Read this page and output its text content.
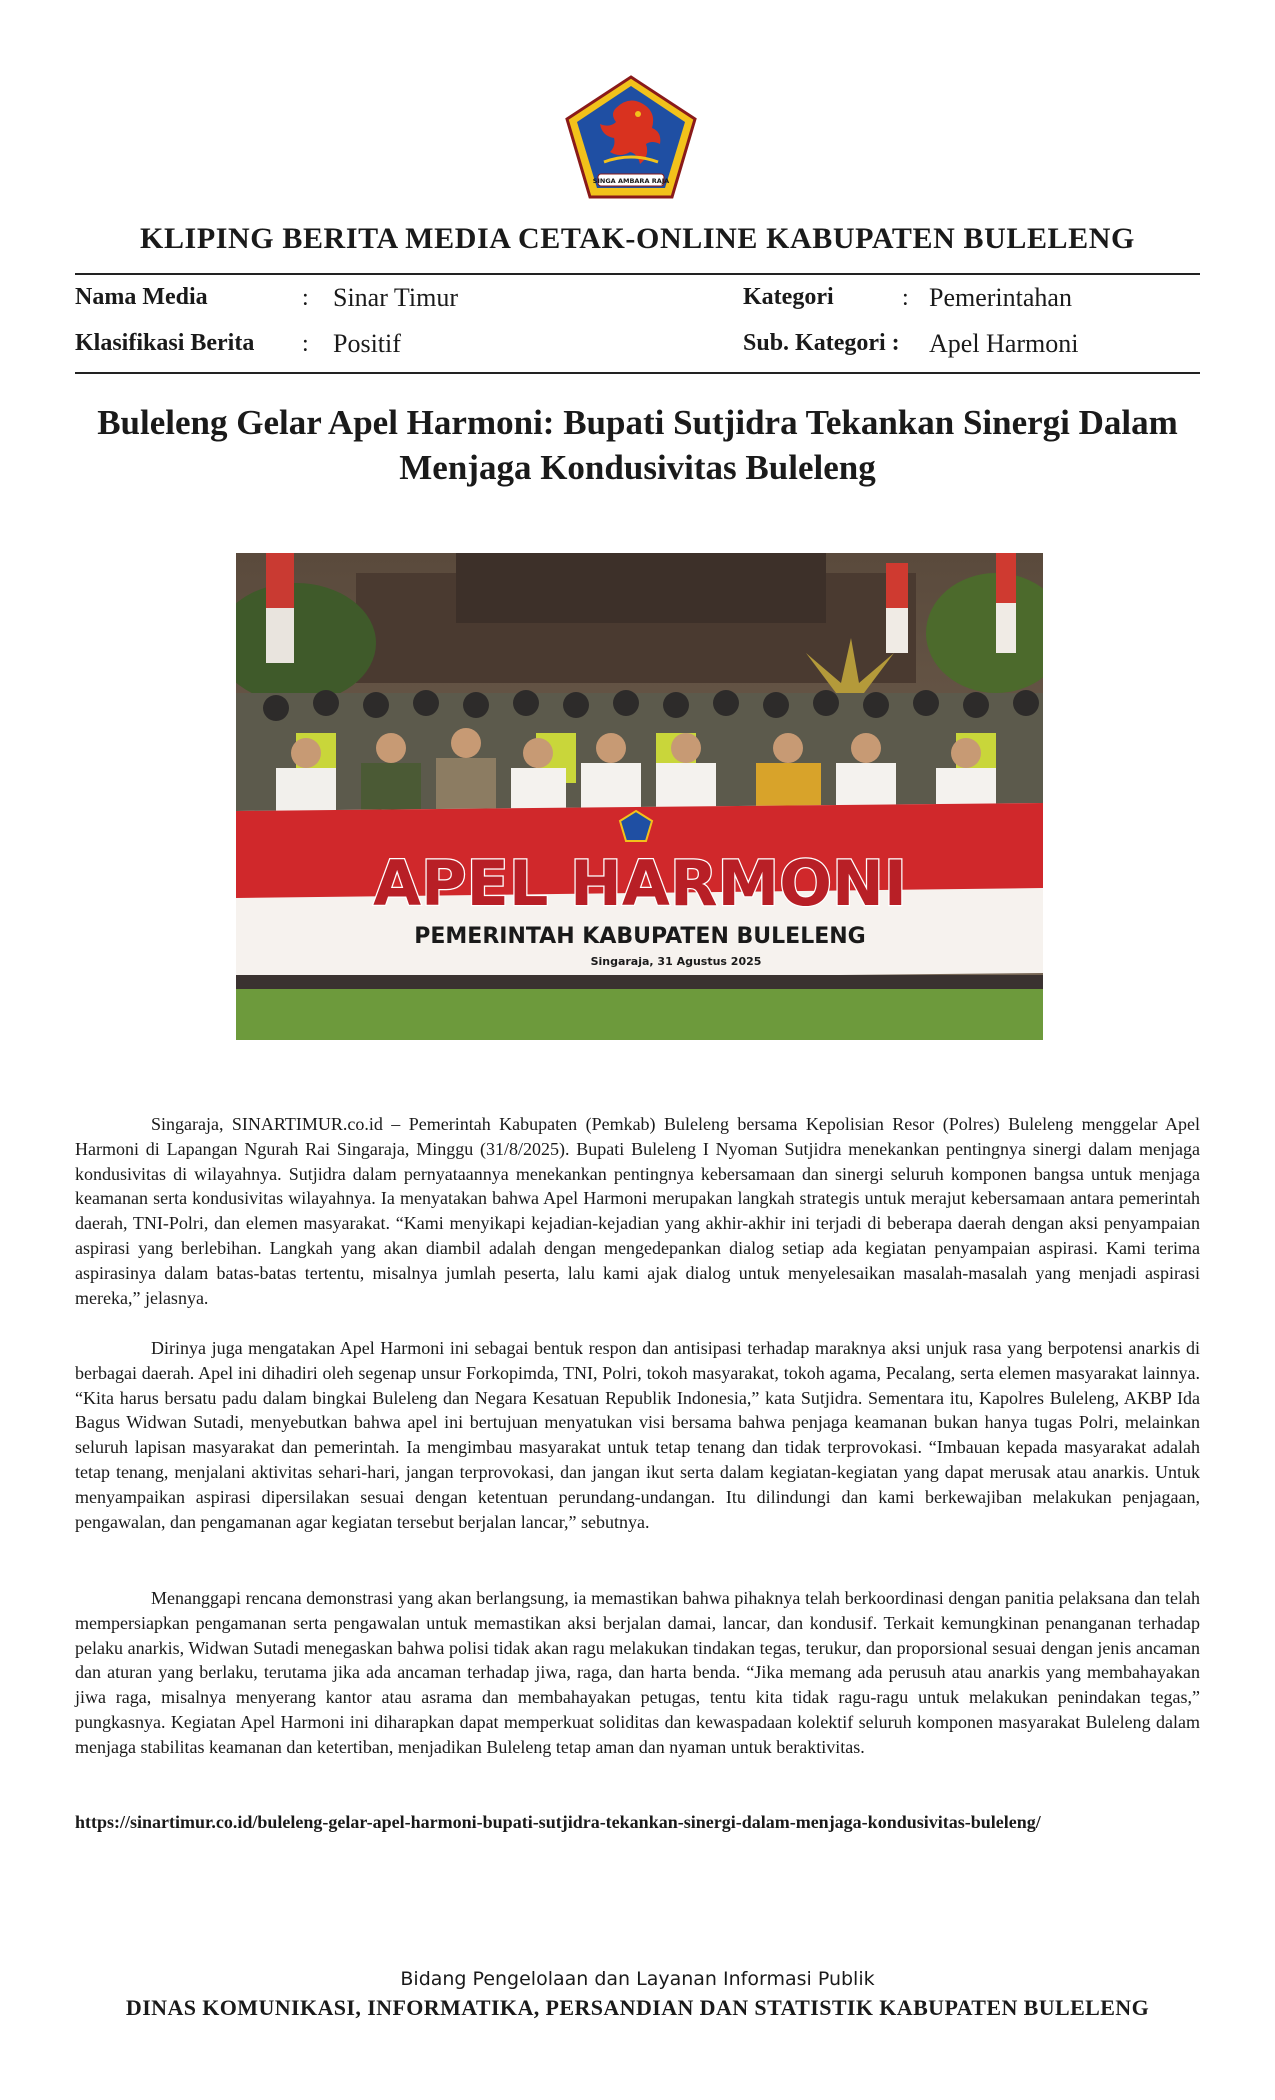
SINGA AMBARA RAJA
KLIPING BERITA MEDIA CETAK-ONLINE KABUPATEN BULELENG
Nama Media	: Sinar Timur	Kategori	: Pemerintahan
Klasifikasi Berita : Positif	Sub. Kategori : Apel Harmoni
Buleleng Gelar Apel Harmoni: Bupati Sutjidra Tekankan Sinergi Dalam Menjaga Kondusivitas Buleleng
APEL HARMONI
PEMERINTAH KABUPATEN BULELENG
Singaraja, 31 Agustus 2025

Singaraja, SINARTIMUR.co.id – Pemerintah Kabupaten (Pemkab) Buleleng bersama Kepolisian Resor (Polres) Buleleng menggelar Apel Harmoni di Lapangan Ngurah Rai Singaraja, Minggu (31/8/2025). Bupati Buleleng I Nyoman Sutjidra menekankan pentingnya sinergi dalam menjaga kondusivitas di wilayahnya. Sutjidra dalam pernyataannya menekankan pentingnya kebersamaan dan sinergi seluruh komponen bangsa untuk menjaga keamanan serta kondusivitas wilayahnya. Ia menyatakan bahwa Apel Harmoni merupakan langkah strategis untuk merajut kebersamaan antara pemerintah daerah, TNI-Polri, dan elemen masyarakat. “Kami menyikapi kejadian-kejadian yang akhir-akhir ini terjadi di beberapa daerah dengan aksi penyampaian aspirasi yang berlebihan. Langkah yang akan diambil adalah dengan mengedepankan dialog setiap ada kegiatan penyampaian aspirasi. Kami terima aspirasinya dalam batas-batas tertentu, misalnya jumlah peserta, lalu kami ajak dialog untuk menyelesaikan masalah-masalah yang menjadi aspirasi mereka,” jelasnya.

Dirinya juga mengatakan Apel Harmoni ini sebagai bentuk respon dan antisipasi terhadap maraknya aksi unjuk rasa yang berpotensi anarkis di berbagai daerah. Apel ini dihadiri oleh segenap unsur Forkopimda, TNI, Polri, tokoh masyarakat, tokoh agama, Pecalang, serta elemen masyarakat lainnya. “Kita harus bersatu padu dalam bingkai Buleleng dan Negara Kesatuan Republik Indonesia,” kata Sutjidra. Sementara itu, Kapolres Buleleng, AKBP Ida Bagus Widwan Sutadi, menyebutkan bahwa apel ini bertujuan menyatukan visi bersama bahwa penjaga keamanan bukan hanya tugas Polri, melainkan seluruh lapisan masyarakat dan pemerintah. Ia mengimbau masyarakat untuk tetap tenang dan tidak terprovokasi. “Imbauan kepada masyarakat adalah tetap tenang, menjalani aktivitas sehari-hari, jangan terprovokasi, dan jangan ikut serta dalam kegiatan-kegiatan yang dapat merusak atau anarkis. Untuk menyampaikan aspirasi dipersilakan sesuai dengan ketentuan perundang-undangan. Itu dilindungi dan kami berkewajiban melakukan penjagaan, pengawalan, dan pengamanan agar kegiatan tersebut berjalan lancar,” sebutnya.

Menanggapi rencana demonstrasi yang akan berlangsung, ia memastikan bahwa pihaknya telah berkoordinasi dengan panitia pelaksana dan telah mempersiapkan pengamanan serta pengawalan untuk memastikan aksi berjalan damai, lancar, dan kondusif. Terkait kemungkinan penanganan terhadap pelaku anarkis, Widwan Sutadi menegaskan bahwa polisi tidak akan ragu melakukan tindakan tegas, terukur, dan proporsional sesuai dengan jenis ancaman dan aturan yang berlaku, terutama jika ada ancaman terhadap jiwa, raga, dan harta benda. “Jika memang ada perusuh atau anarkis yang membahayakan jiwa raga, misalnya menyerang kantor atau asrama dan membahayakan petugas, tentu kita tidak ragu-ragu untuk melakukan penindakan tegas,” pungkasnya. Kegiatan Apel Harmoni ini diharapkan dapat memperkuat soliditas dan kewaspadaan kolektif seluruh komponen masyarakat Buleleng dalam menjaga stabilitas keamanan dan ketertiban, menjadikan Buleleng tetap aman dan nyaman untuk beraktivitas.

https://sinartimur.co.id/buleleng-gelar-apel-harmoni-bupati-sutjidra-tekankan-sinergi-dalam-menjaga-kondusivitas-buleleng/
Bidang Pengelolaan dan Layanan Informasi Publik
DINAS KOMUNIKASI, INFORMATIKA, PERSANDIAN DAN STATISTIK KABUPATEN BULELENG
